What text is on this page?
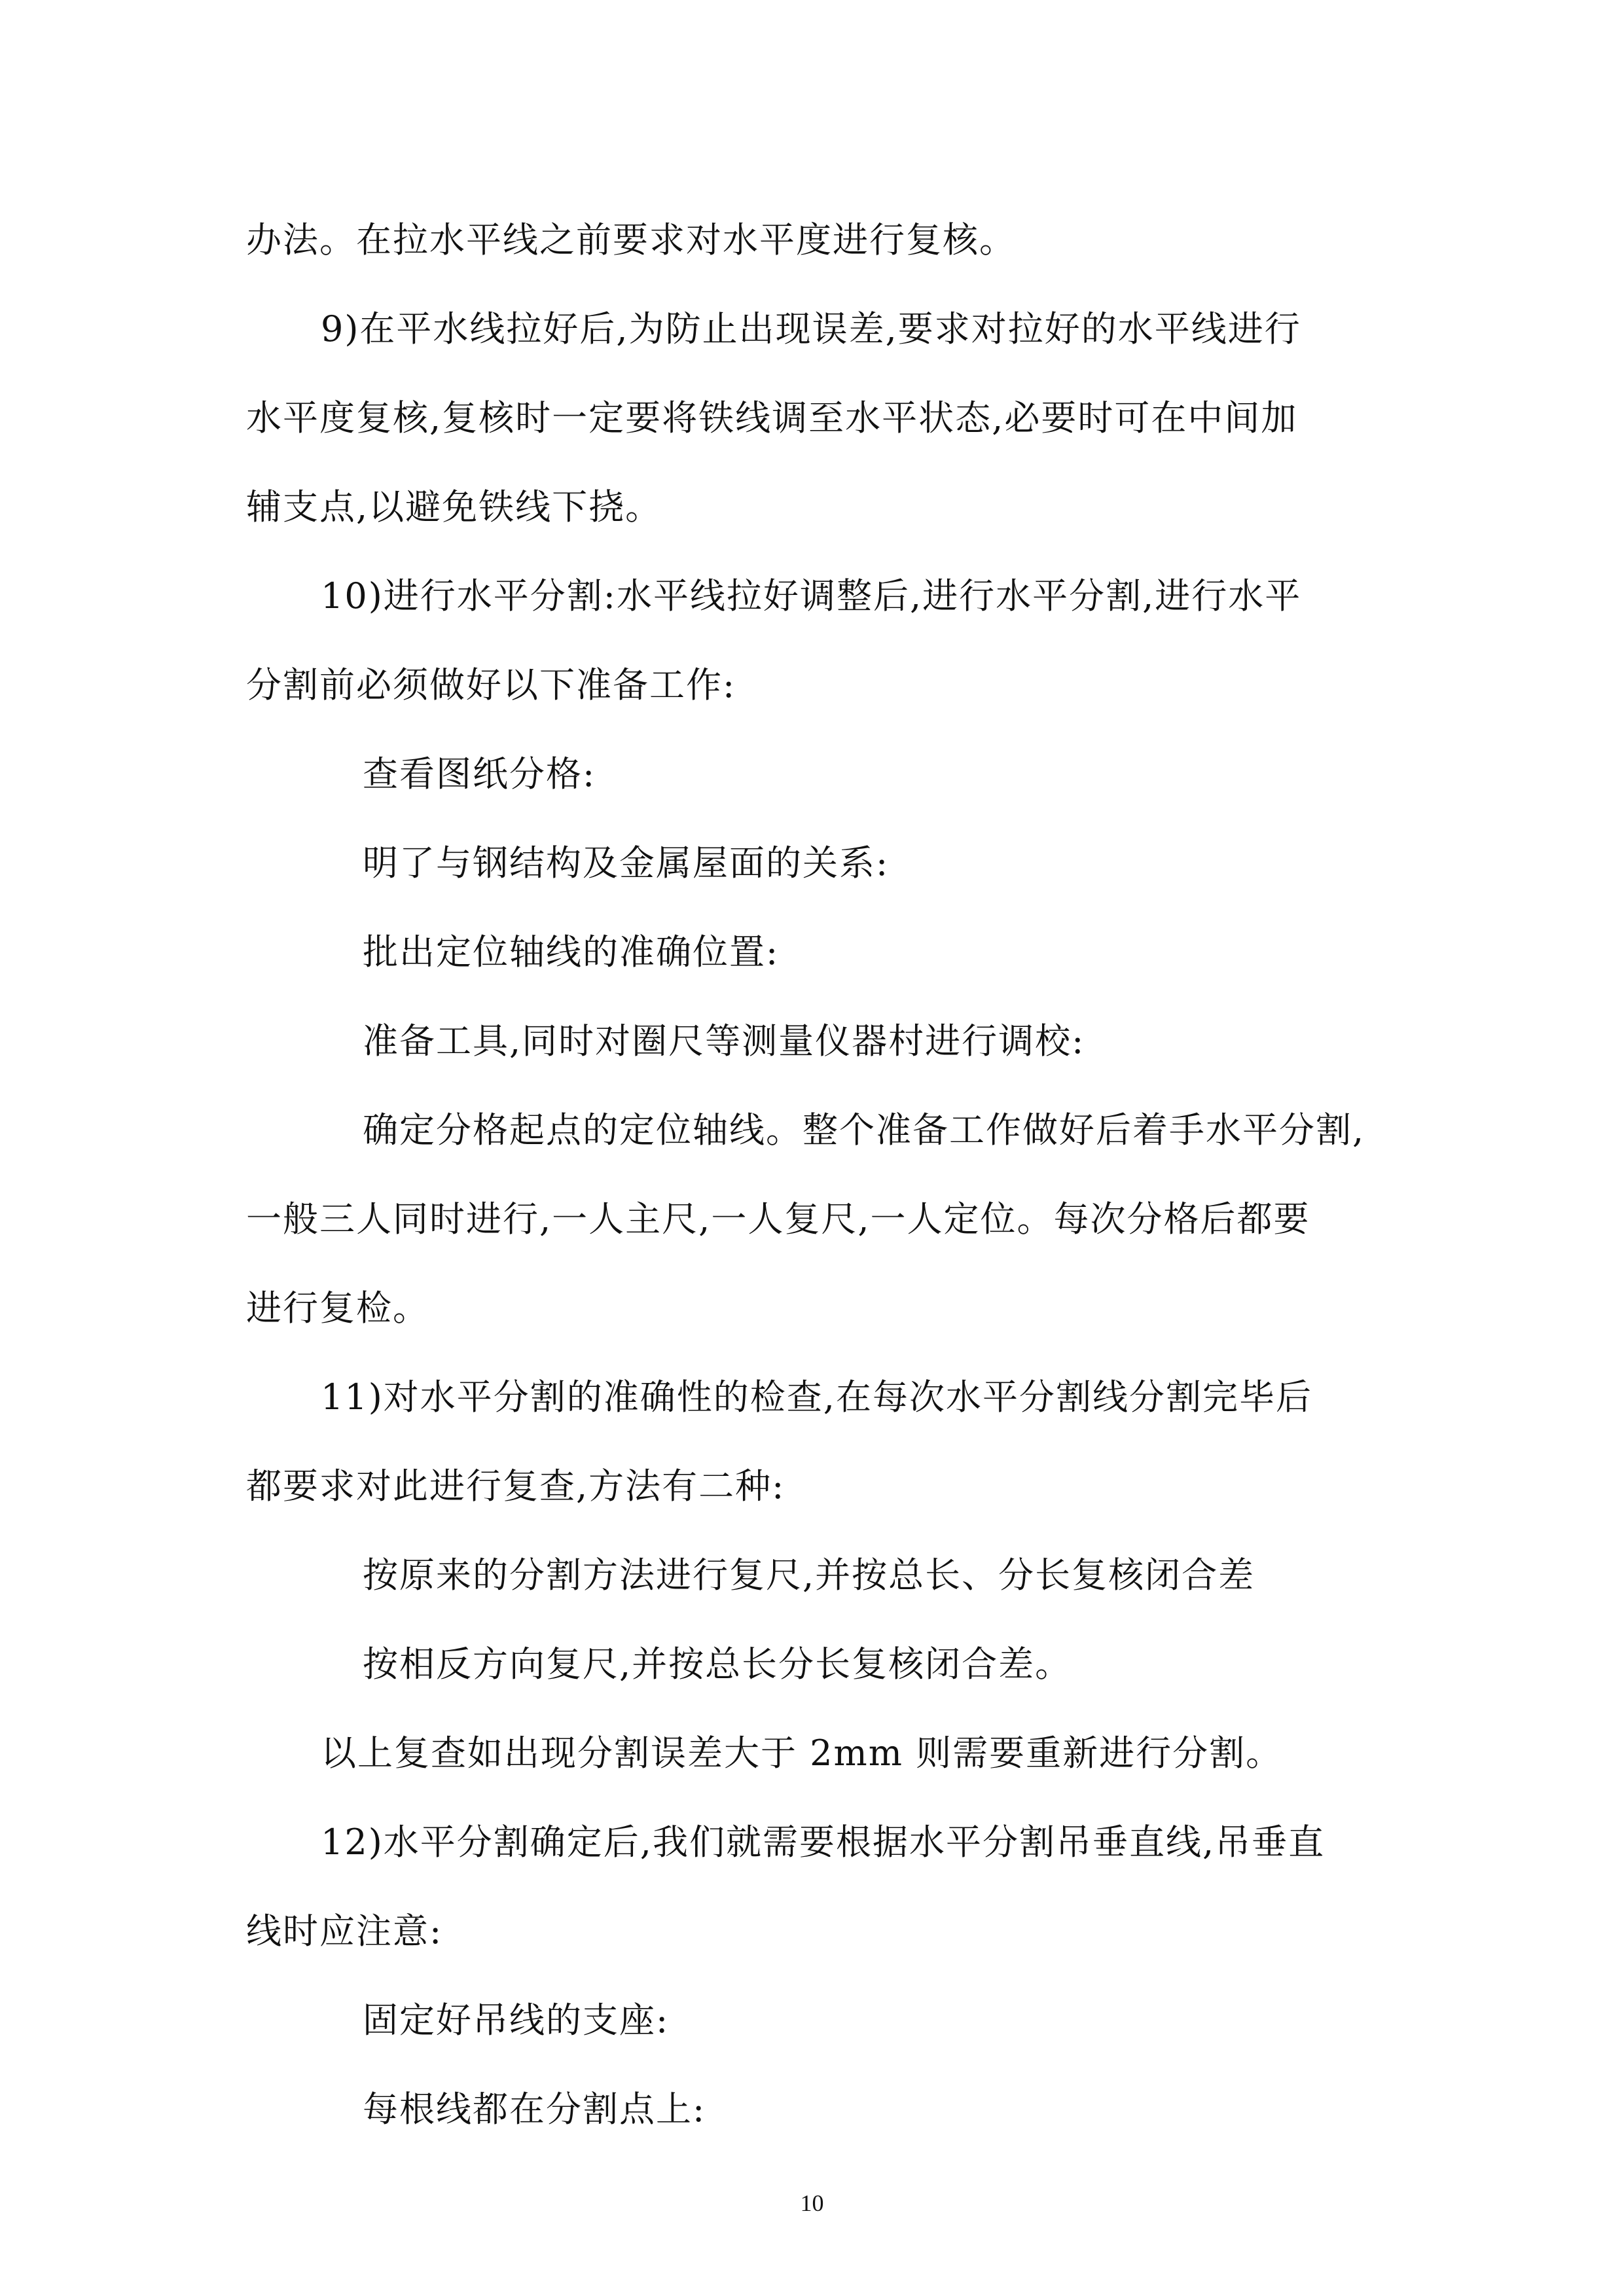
办法。在拉水平线之前要求对水平度进行复核。
9)在平水线拉好后,为防止出现误差,要求对拉好的水平线进行
水平度复核,复核时一定要将铁线调至水平状态,必要时可在中间加
辅支点,以避免铁线下挠。
10)进行水平分割:水平线拉好调整后,进行水平分割,进行水平
分割前必须做好以下准备工作:
查看图纸分格:
明了与钢结构及金属屋面的关系:
批出定位轴线的准确位置:
准备工具,同时对圈尺等测量仪器村进行调校:
确定分格起点的定位轴线。整个准备工作做好后着手水平分割,
一般三人同时进行,一人主尺,一人复尺,一人定位。每次分格后都要
进行复检。
11)对水平分割的准确性的检查,在每次水平分割线分割完毕后
都要求对此进行复查,方法有二种:
按原来的分割方法进行复尺,并按总长、分长复核闭合差
按相反方向复尺,并按总长分长复核闭合差。
以上复查如出现分割误差大于 2mm 则需要重新进行分割。
12)水平分割确定后,我们就需要根据水平分割吊垂直线,吊垂直
线时应注意:
固定好吊线的支座:
每根线都在分割点上:
10
